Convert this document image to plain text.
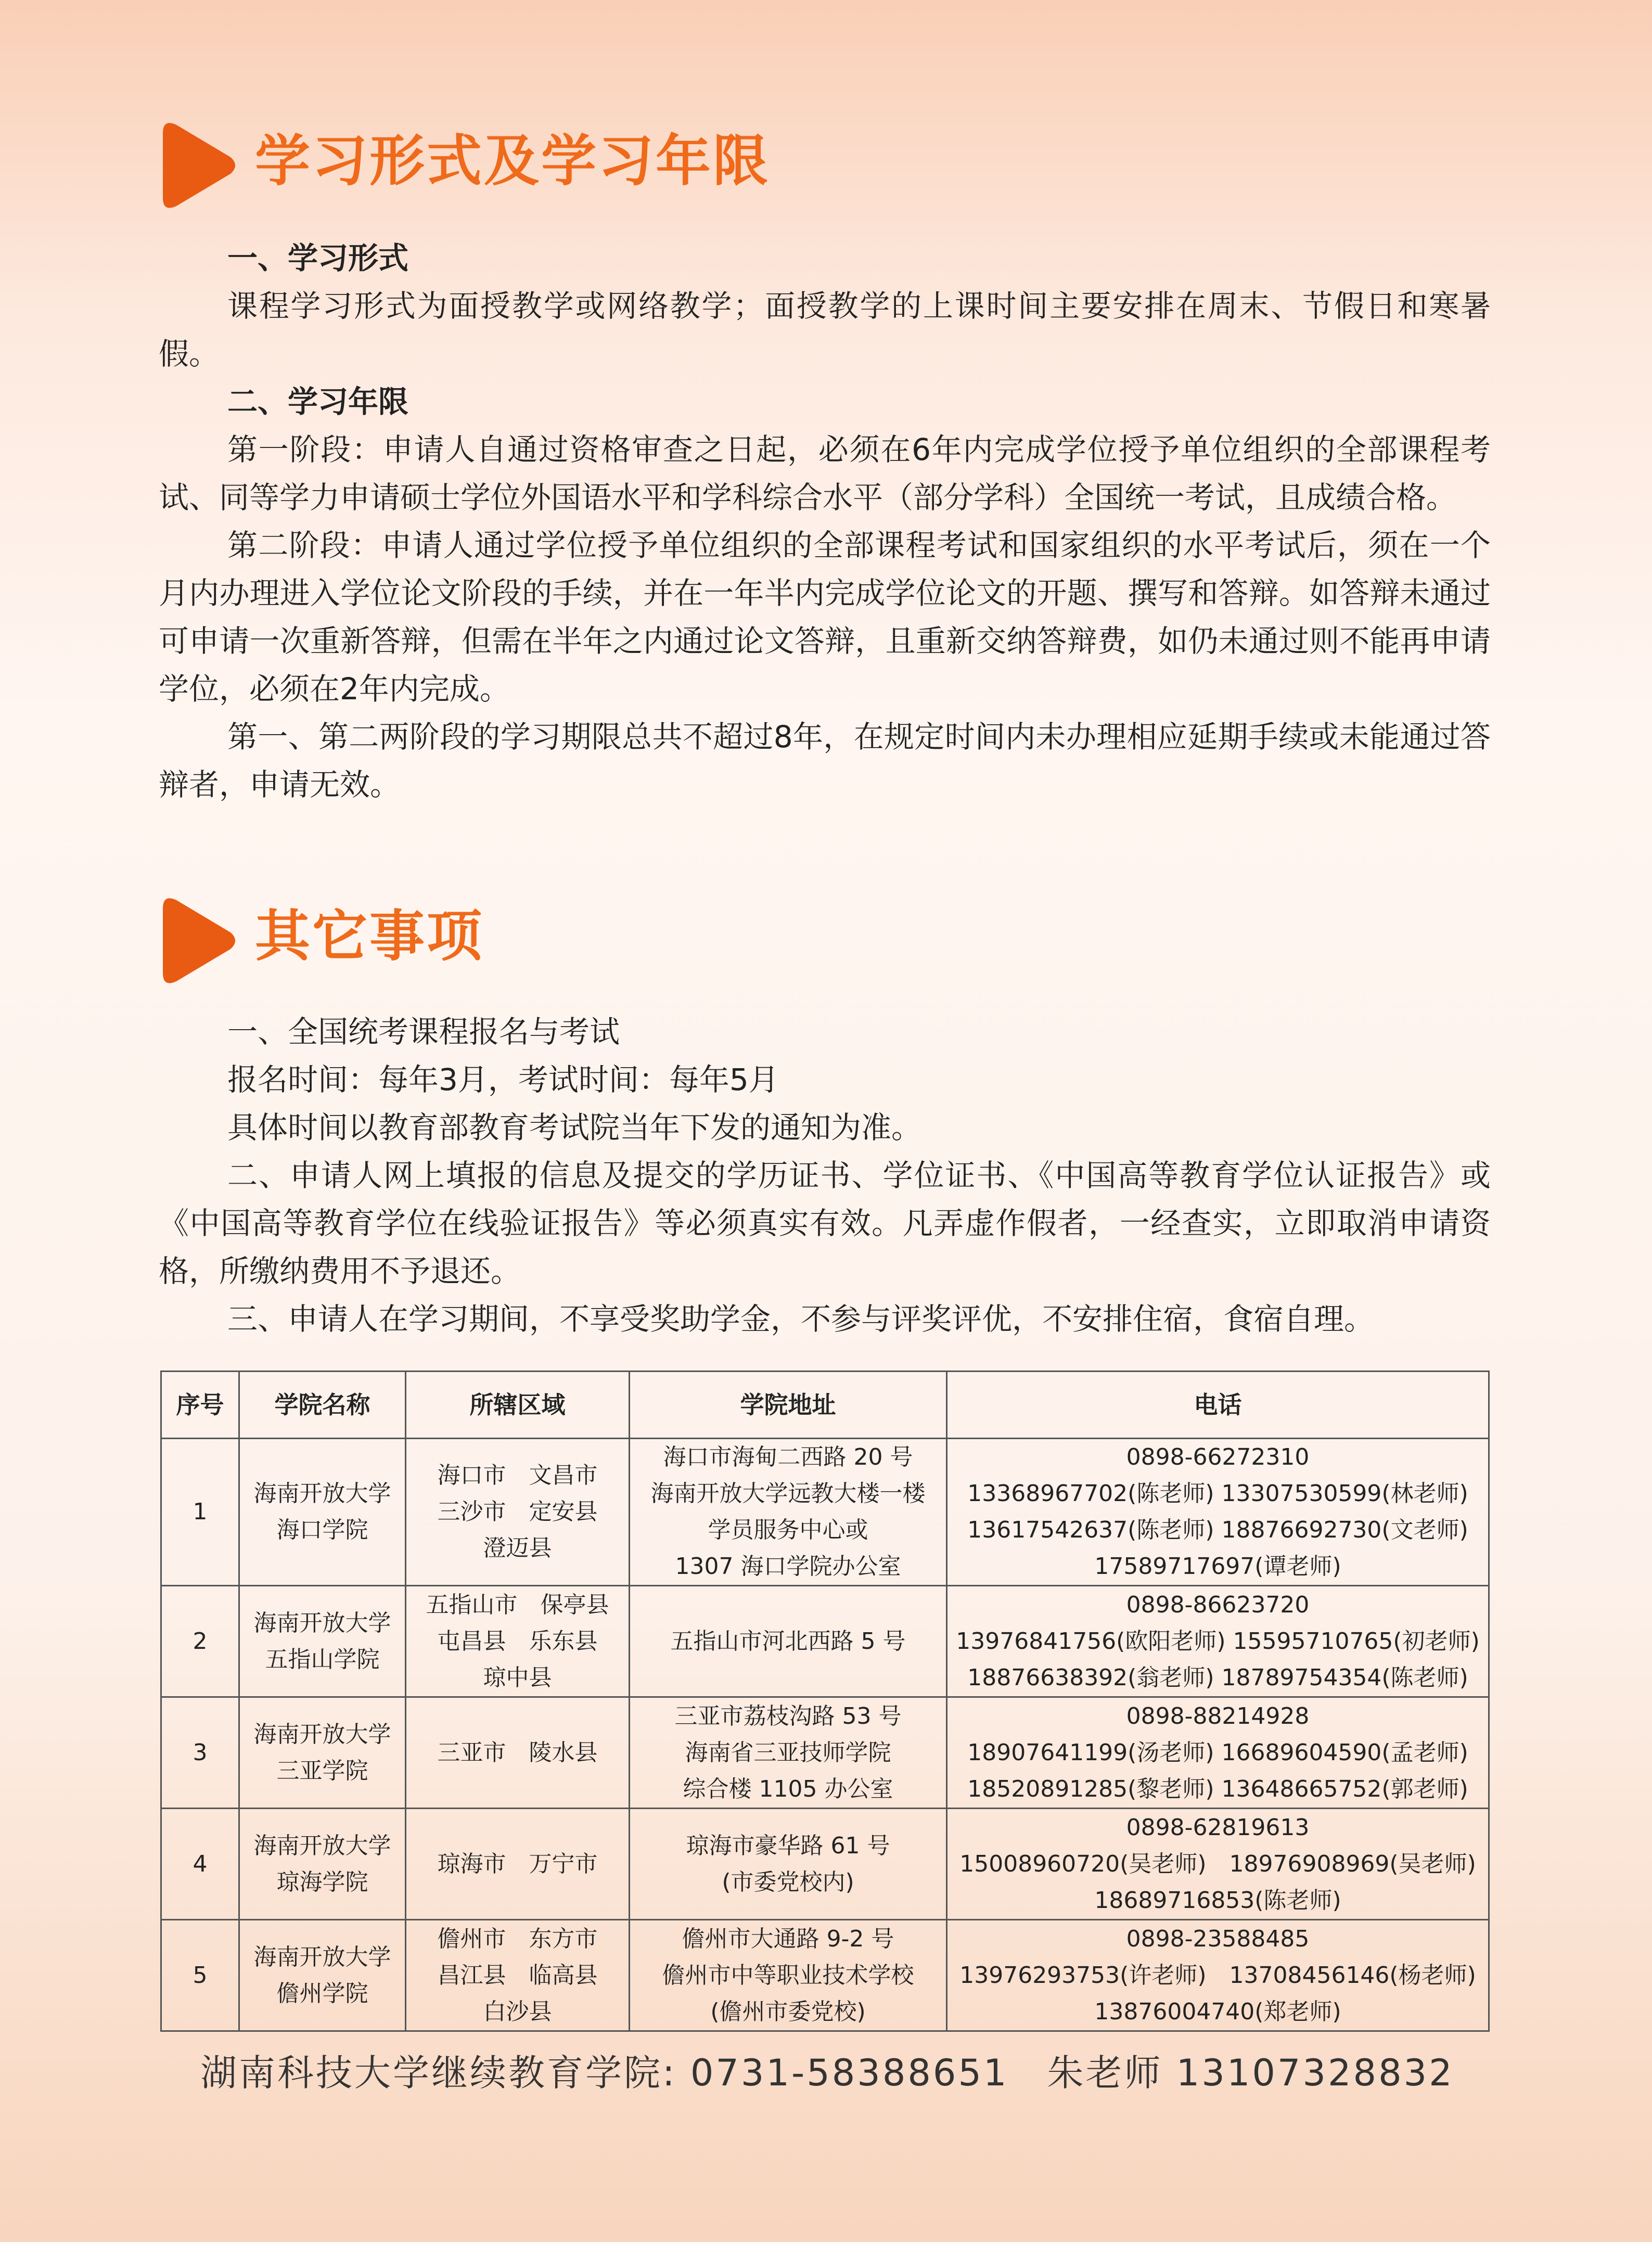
学习形式及学习年限

一、学习形式

课程学习形式为面授教学或网络教学；面授教学的上课时间主要安排在周末、节假日和寒暑假。

二、学习年限

第一阶段：申请人自通过资格审查之日起，必须在6年内完成学位授予单位组织的全部课程考试、同等学力申请硕士学位外国语水平和学科综合水平（部分学科）全国统一考试，且成绩合格。

第二阶段：申请人通过学位授予单位组织的全部课程考试和国家组织的水平考试后，须在一个月内办理进入学位论文阶段的手续，并在一年半内完成学位论文的开题、撰写和答辩。如答辩未通过可申请一次重新答辩，但需在半年之内通过论文答辩，且重新交纳答辩费，如仍未通过则不能再申请学位，必须在2年内完成。

第一、第二两阶段的学习期限总共不超过8年，在规定时间内未办理相应延期手续或未能通过答辩者，申请无效。

其它事项

一、全国统考课程报名与考试

报名时间：每年3月，考试时间：每年5月

具体时间以教育部教育考试院当年下发的通知为准。

二、申请人网上填报的信息及提交的学历证书、学位证书、《中国高等教育学位认证报告》或《中国高等教育学位在线验证报告》等必须真实有效。凡弄虚作假者，一经查实，立即取消申请资格，所缴纳费用不予退还。

三、申请人在学习期间，不享受奖助学金，不参与评奖评优，不安排住宿，食宿自理。

序号	学院名称	所辖区域	学院地址	电话

1	海南开放大学
海口学院	海口市　文昌市
三沙市　定安县
澄迈县	海口市海甸二西路 20 号
海南开放大学远教大楼一楼
学员服务中心或
1307 海口学院办公室	0898-66272310
13368967702(陈老师) 13307530599(林老师)
13617542637(陈老师) 18876692730(文老师)
17589717697(谭老师)

2	海南开放大学
五指山学院	五指山市　保亭县
屯昌县　乐东县
琼中县	五指山市河北西路 5 号	0898-86623720
13976841756(欧阳老师) 15595710765(初老师)
18876638392(翁老师) 18789754354(陈老师)

3	海南开放大学
三亚学院	三亚市　陵水县	三亚市荔枝沟路 53 号
海南省三亚技师学院
综合楼 1105 办公室	0898-88214928
18907641199(汤老师) 16689604590(孟老师)
18520891285(黎老师) 13648665752(郭老师)

4	海南开放大学
琼海学院	琼海市　万宁市	琼海市豪华路 61 号
(市委党校内)	0898-62819613
15008960720(吴老师)　18976908969(吴老师)
18689716853(陈老师)

5	海南开放大学
儋州学院	儋州市　东方市
昌江县　临高县
白沙县	儋州市大通路 9-2 号
儋州市中等职业技术学校
(儋州市委党校)	0898-23588485
13976293753(许老师)　13708456146(杨老师)
13876004740(郑老师)
湖南科技大学继续教育学院: 0731-58388651　朱老师 13107328832
